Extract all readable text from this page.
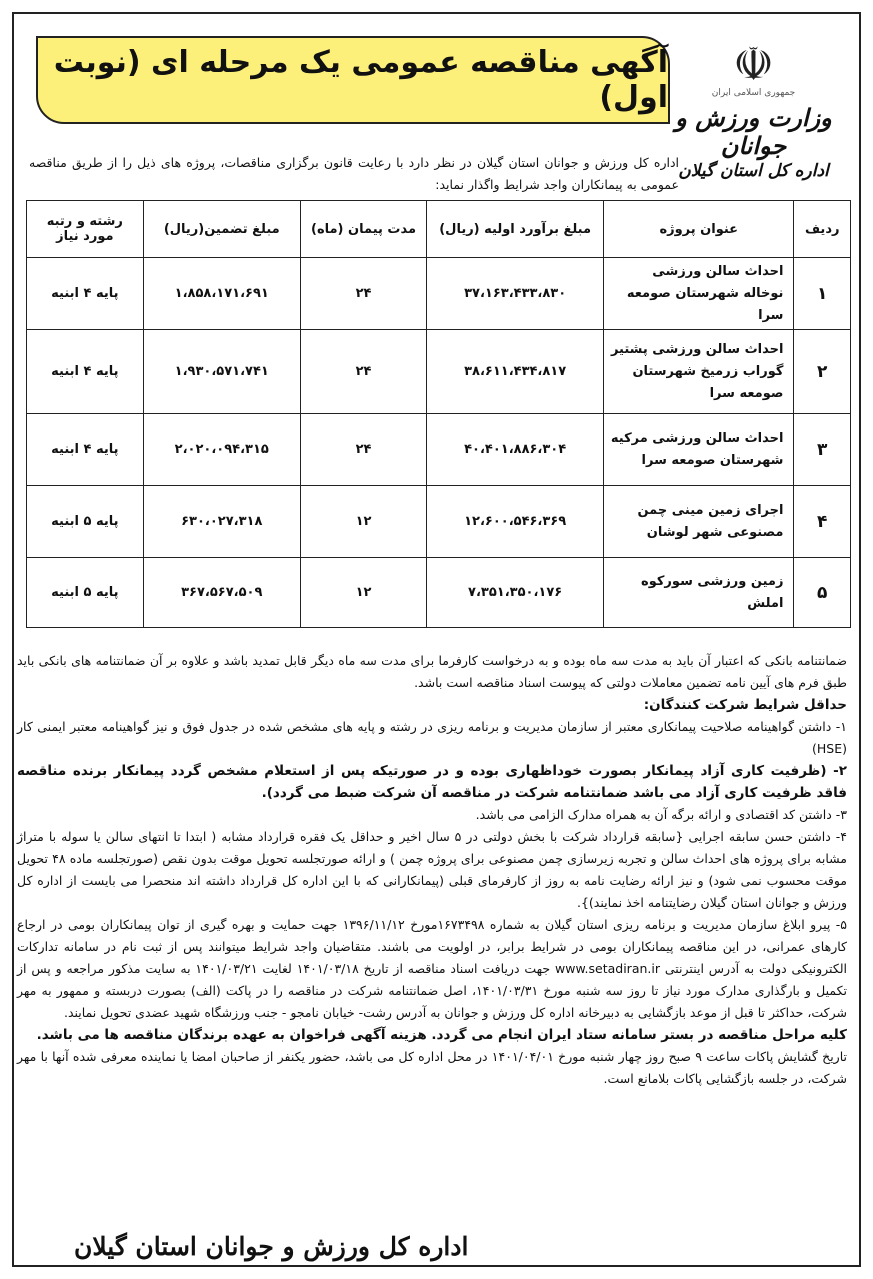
☫
جمهوری اسلامی ایران
وزارت ورزش و جوانان
اداره کل استان گیلان
آگهی مناقصه عمومی یک مرحله ای (نوبت اول)
اداره کل ورزش و جوانان استان گیلان در نظر دارد با رعایت قانون برگزاری مناقصات، پروژه های ذیل را از طریق مناقصه عمومی به پیمانکاران واجد شرایط واگذار نماید:
ردیف	عنوان پروژه	مبلغ برآورد اولیه (ریال)	مدت پیمان (ماه)	مبلغ تضمین(ریال)	رشته و رتبه مورد نیاز
۱	احداث سالن ورزشی نوخاله شهرستان صومعه سرا	۳۷،۱۶۳،۴۳۳،۸۳۰	۲۴	۱،۸۵۸،۱۷۱،۶۹۱	پایه ۴ ابنیه
۲	احداث سالن ورزشی پشتیر گوراب زرمیخ شهرستان صومعه سرا	۳۸،۶۱۱،۴۳۴،۸۱۷	۲۴	۱،۹۳۰،۵۷۱،۷۴۱	پایه ۴ ابنیه
۳	احداث سالن ورزشی مرکیه شهرستان صومعه سرا	۴۰،۴۰۱،۸۸۶،۳۰۴	۲۴	۲،۰۲۰،۰۹۴،۳۱۵	پایه ۴ ابنیه
۴	اجرای زمین مینی چمن مصنوعی شهر لوشان	۱۲،۶۰۰،۵۴۶،۳۶۹	۱۲	۶۳۰،۰۲۷،۳۱۸	پایه ۵ ابنیه
۵	زمین ورزشی سورکوه املش	۷،۳۵۱،۳۵۰،۱۷۶	۱۲	۳۶۷،۵۶۷،۵۰۹	پایه ۵ ابنیه

ضمانتنامه بانکی که اعتبار آن باید به مدت سه ماه بوده و به درخواست کارفرما برای مدت سه ماه دیگر قابل تمدید باشد و علاوه بر آن ضمانتنامه های بانکی باید طبق فرم های آیین نامه تضمین معاملات دولتی که پیوست اسناد مناقصه است باشد.

حداقل شرایط شرکت کنندگان:

۱- داشتن گواهینامه صلاحیت پیمانکاری معتبر از سازمان مدیریت و برنامه ریزی در رشته و پایه های مشخص شده در جدول فوق و نیز گواهینامه معتبر ایمنی کار (HSE)

۲- (ظرفیت کاری آزاد پیمانکار بصورت خوداظهاری بوده و در صورتیکه پس از استعلام مشخص گردد پیمانکار برنده مناقصه فاقد ظرفیت کاری آزاد می باشد ضمانتنامه شرکت در مناقصه آن شرکت ضبط می گردد).

۳- داشتن کد اقتصادی و ارائه برگه آن به همراه مدارک الزامی می باشد.

۴- داشتن حسن سابقه اجرایی {سابقه قرارداد شرکت با بخش دولتی در ۵ سال اخیر و حداقل یک فقره قرارداد مشابه ( ابتدا تا انتهای سالن یا سوله با متراژ مشابه برای پروژه های احداث سالن و تجربه زیرسازی چمن مصنوعی برای پروژه چمن ) و ارائه صورتجلسه تحویل موقت بدون نقص (صورتجلسه ماده ۴۸ تحویل موقت محسوب نمی شود) و نیز ارائه رضایت نامه به روز از کارفرمای قبلی (پیمانکارانی که با این اداره کل قرارداد داشته اند منحصرا می بایست از اداره کل ورزش و جوانان استان گیلان رضایتنامه اخذ نمایند)}.

۵- پیرو ابلاغ سازمان مدیریت و برنامه ریزی استان گیلان به شماره ۱۶۷۳۴۹۸مورخ ۱۳۹۶/۱۱/۱۲ جهت حمایت و بهره گیری از توان پیمانکاران بومی در ارجاع کارهای عمرانی، در این مناقصه پیمانکاران بومی در شرایط برابر، در اولویت می باشند. متقاضیان واجد شرایط میتوانند پس از ثبت نام در سامانه تدارکات الکترونیکی دولت به آدرس اینترنتی www.setadiran.ir جهت دریافت اسناد مناقصه از تاریخ ۱۴۰۱/۰۳/۱۸ لغایت ۱۴۰۱/۰۳/۲۱ به سایت مذکور مراجعه و پس از تکمیل و بارگذاری مدارک مورد نیاز تا روز سه شنبه مورخ ۱۴۰۱/۰۳/۳۱، اصل ضمانتنامه شرکت در مناقصه را در پاکت (الف) بصورت دربسته و ممهور به مهر شرکت، حداکثر تا قبل از موعد بازگشایی به دبیرخانه اداره کل ورزش و جوانان به آدرس رشت- خیابان نامجو - جنب ورزشگاه شهید عضدی تحویل نمایند.

کلیه مراحل مناقصه در بستر سامانه ستاد ایران انجام می گردد. هزینه آگهی فراخوان به عهده برندگان مناقصه ها می باشد.

تاریخ گشایش پاکات ساعت ۹ صبح روز چهار شنبه مورخ ۱۴۰۱/۰۴/۰۱ در محل اداره کل می باشد، حضور یکنفر از صاحبان امضا یا نماینده معرفی شده آنها با مهر شرکت، در جلسه بازگشایی پاکات بلامانع است.

اداره کل ورزش و جوانان استان گیلان
